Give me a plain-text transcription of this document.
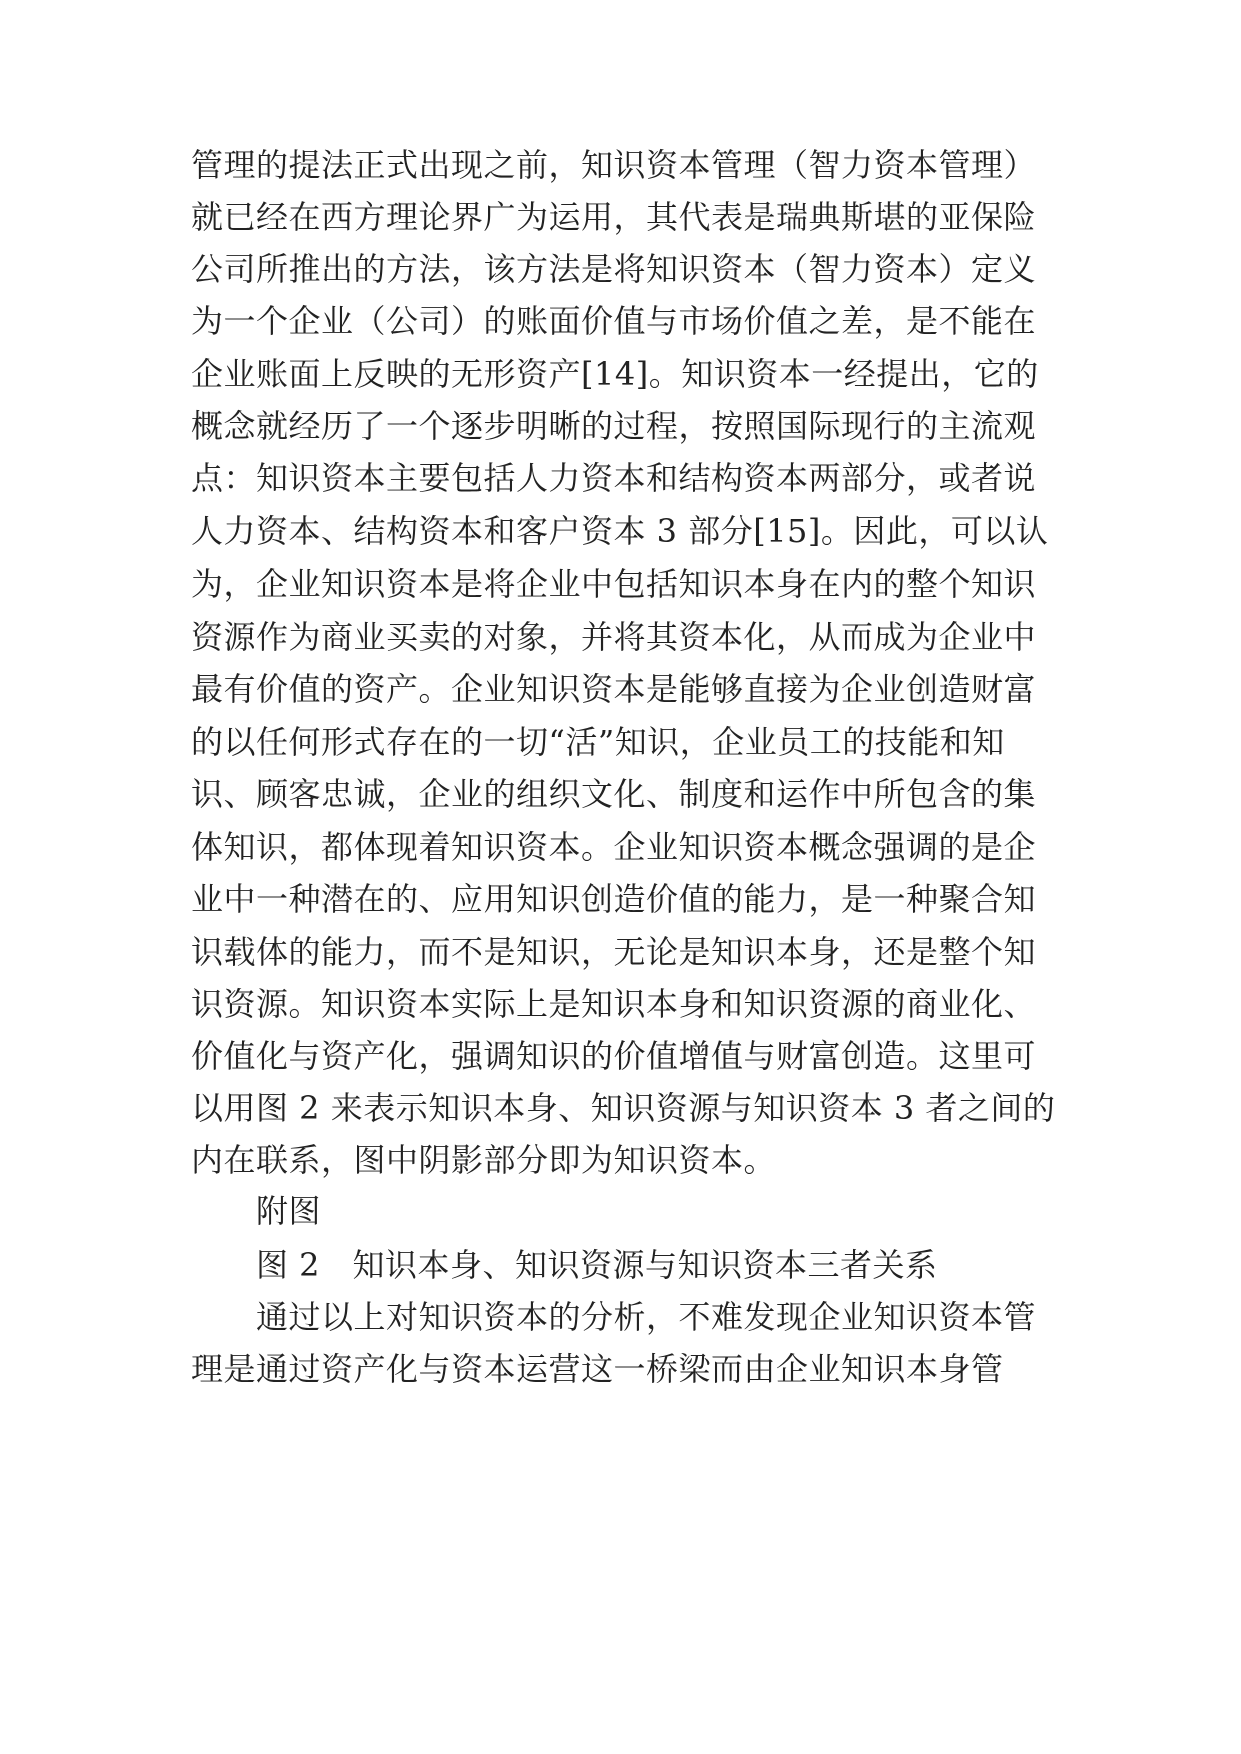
管理的提法正式出现之前，知识资本管理（智力资本管理）
就已经在西方理论界广为运用，其代表是瑞典斯堪的亚保险
公司所推出的方法，该方法是将知识资本（智力资本）定义
为一个企业（公司）的账面价值与市场价值之差，是不能在
企业账面上反映的无形资产[14]。知识资本一经提出，它的
概念就经历了一个逐步明晰的过程，按照国际现行的主流观
点：知识资本主要包括人力资本和结构资本两部分，或者说
人力资本、结构资本和客户资本 3 部分[15]。因此，可以认
为，企业知识资本是将企业中包括知识本身在内的整个知识
资源作为商业买卖的对象，并将其资本化，从而成为企业中
最有价值的资产。企业知识资本是能够直接为企业创造财富
的以任何形式存在的一切“活”知识，企业员工的技能和知
识、顾客忠诚，企业的组织文化、制度和运作中所包含的集
体知识，都体现着知识资本。企业知识资本概念强调的是企
业中一种潜在的、应用知识创造价值的能力，是一种聚合知
识载体的能力，而不是知识，无论是知识本身，还是整个知
识资源。知识资本实际上是知识本身和知识资源的商业化、
价值化与资产化，强调知识的价值增值与财富创造。这里可
以用图 2 来表示知识本身、知识资源与知识资本 3 者之间的
内在联系，图中阴影部分即为知识资本。
附图
图 2　知识本身、知识资源与知识资本三者关系
通过以上对知识资本的分析，不难发现企业知识资本管
理是通过资产化与资本运营这一桥梁而由企业知识本身管
